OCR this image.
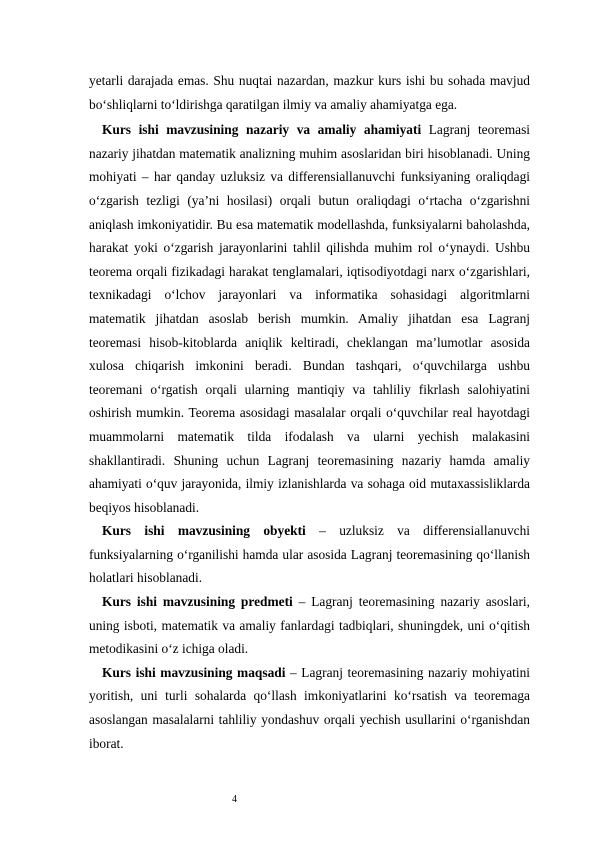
yetarli darajada emas. Shu nuqtai nazardan, mazkur kurs ishi bu sohada mavjud bo‘shliqlarni to‘ldirishga qaratilgan ilmiy va amaliy ahamiyatga ega.

Kurs ishi mavzusining nazariy va amaliy ahamiyati Lagranj teoremasi nazariy jihatdan matematik analizning muhim asoslaridan biri hisoblanadi. Uning mohiyati – har qanday uzluksiz va differensiallanuvchi funksiyaning oraliqdagi o‘zgarish tezligi (ya’ni hosilasi) orqali butun oraliqdagi o‘rtacha o‘zgarishni aniqlash imkoniyatidir. Bu esa matematik modellashda, funksiyalarni baholashda, harakat yoki o‘zgarish jarayonlarini tahlil qilishda muhim rol o‘ynaydi. Ushbu teorema orqali fizikadagi harakat tenglamalari, iqtisodiyotdagi narx o‘zgarishlari, texnikadagi o‘lchov jarayonlari va informatika sohasidagi algoritmlarni matematik jihatdan asoslab berish mumkin. Amaliy jihatdan esa Lagranj teoremasi hisob-kitoblarda aniqlik keltiradi, cheklangan ma’lumotlar asosida xulosa chiqarish imkonini beradi. Bundan tashqari, o‘quvchilarga ushbu teoremani o‘rgatish orqali ularning mantiqiy va tahliliy fikrlash salohiyatini oshirish mumkin. Teorema asosidagi masalalar orqali o‘quvchilar real hayotdagi muammolarni matematik tilda ifodalash va ularni yechish malakasini shakllantiradi. Shuning uchun Lagranj teoremasining nazariy hamda amaliy ahamiyati o‘quv jarayonida, ilmiy izlanishlarda va sohaga oid mutaxassisliklarda beqiyos hisoblanadi.

Kurs ishi mavzusining obyekti – uzluksiz va differensiallanuvchi funksiyalarning o‘rganilishi hamda ular asosida Lagranj teoremasining qo‘llanish holatlari hisoblanadi.

Kurs ishi mavzusining predmeti – Lagranj teoremasining nazariy asoslari, uning isboti, matematik va amaliy fanlardagi tadbiqlari, shuningdek, uni o‘qitish metodikasini o‘z ichiga oladi.

Kurs ishi mavzusining maqsadi – Lagranj teoremasining nazariy mohiyatini yoritish, uni turli sohalarda qo‘llash imkoniyatlarini ko‘rsatish va teoremaga asoslangan masalalarni tahliliy yondashuv orqali yechish usullarini o‘rganishdan iborat.

4
